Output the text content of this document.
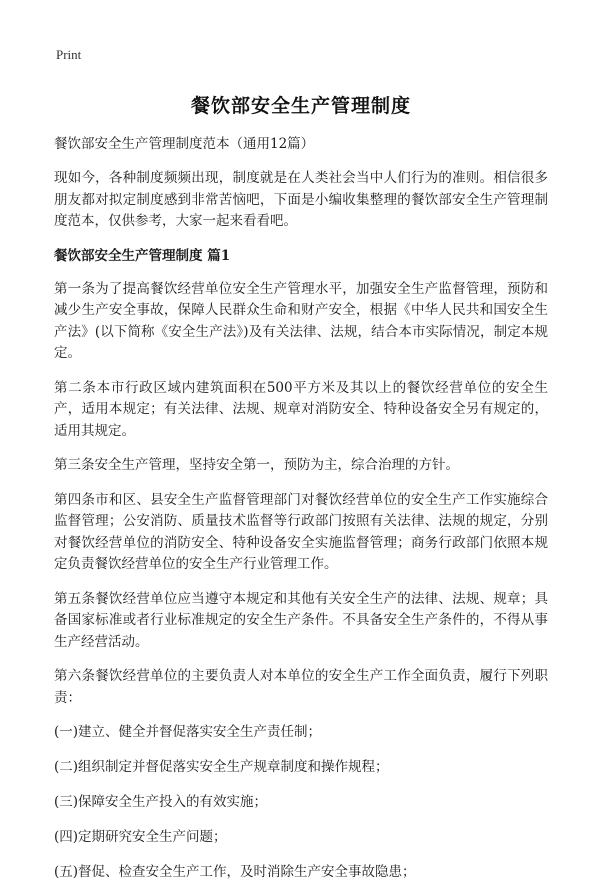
Print
餐饮部安全生产管理制度
餐饮部安全生产管理制度范本（通用12篇）

现如今，各种制度频频出现，制度就是在人类社会当中人们行为的准则。相信很多朋友都对拟定制度感到非常苦恼吧，下面是小编收集整理的餐饮部安全生产管理制度范本，仅供参考，大家一起来看看吧。

餐饮部安全生产管理制度 篇1

第一条为了提高餐饮经营单位安全生产管理水平，加强安全生产监督管理，预防和减少生产安全事故，保障人民群众生命和财产安全，根据《中华人民共和国安全生产法》(以下简称《安全生产法》)及有关法律、法规，结合本市实际情况，制定本规定。

第二条本市行政区域内建筑面积在500平方米及其以上的餐饮经营单位的安全生产，适用本规定；有关法律、法规、规章对消防安全、特种设备安全另有规定的，适用其规定。

第三条安全生产管理，坚持安全第一，预防为主，综合治理的方针。

第四条市和区、县安全生产监督管理部门对餐饮经营单位的安全生产工作实施综合监督管理；公安消防、质量技术监督等行政部门按照有关法律、法规的规定，分别对餐饮经营单位的消防安全、特种设备安全实施监督管理；商务行政部门依照本规定负责餐饮经营单位的安全生产行业管理工作。

第五条餐饮经营单位应当遵守本规定和其他有关安全生产的法律、法规、规章；具备国家标准或者行业标准规定的安全生产条件。不具备安全生产条件的，不得从事生产经营活动。

第六条餐饮经营单位的主要负责人对本单位的安全生产工作全面负责，履行下列职责：

(一)建立、健全并督促落实安全生产责任制；
(二)组织制定并督促落实安全生产规章制度和操作规程；
(三)保障安全生产投入的有效实施；
(四)定期研究安全生产问题；
(五)督促、检查安全生产工作，及时消除生产安全事故隐患；
